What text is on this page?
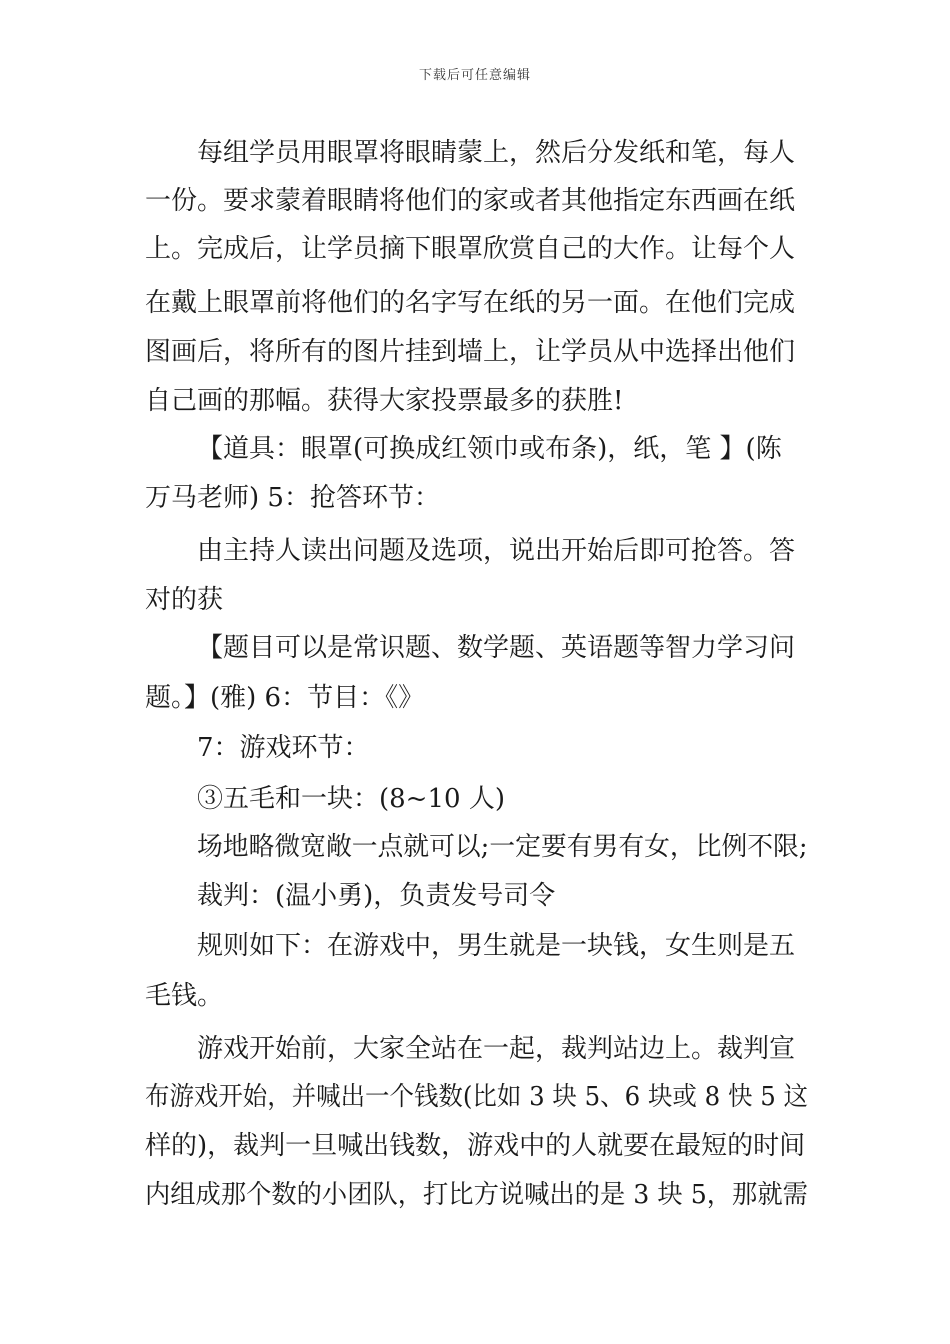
下载后可任意编辑
每组学员用眼罩将眼睛蒙上，然后分发纸和笔，每人
一份。要求蒙着眼睛将他们的家或者其他指定东西画在纸
上。完成后，让学员摘下眼罩欣赏自己的大作。让每个人
在戴上眼罩前将他们的名字写在纸的另一面。在他们完成
图画后，将所有的图片挂到墙上，让学员从中选择出他们
自己画的那幅。获得大家投票最多的获胜!
【道具：眼罩(可换成红领巾或布条)，纸，笔 】(陈
万马老师) 5：抢答环节：
由主持人读出问题及选项，说出开始后即可抢答。答
对的获
【题目可以是常识题、数学题、英语题等智力学习问
题。】(雅) 6：节目：《》
7：游戏环节：
③五毛和一块：(8~10 人)
场地略微宽敞一点就可以;一定要有男有女，比例不限;
裁判：(温小勇)，负责发号司令
规则如下：在游戏中，男生就是一块钱，女生则是五
毛钱。
游戏开始前，大家全站在一起，裁判站边上。裁判宣
布游戏开始，并喊出一个钱数(比如 3 块 5、6 块或 8 快 5 这
样的)，裁判一旦喊出钱数，游戏中的人就要在最短的时间
内组成那个数的小团队，打比方说喊出的是 3 块 5，那就需
